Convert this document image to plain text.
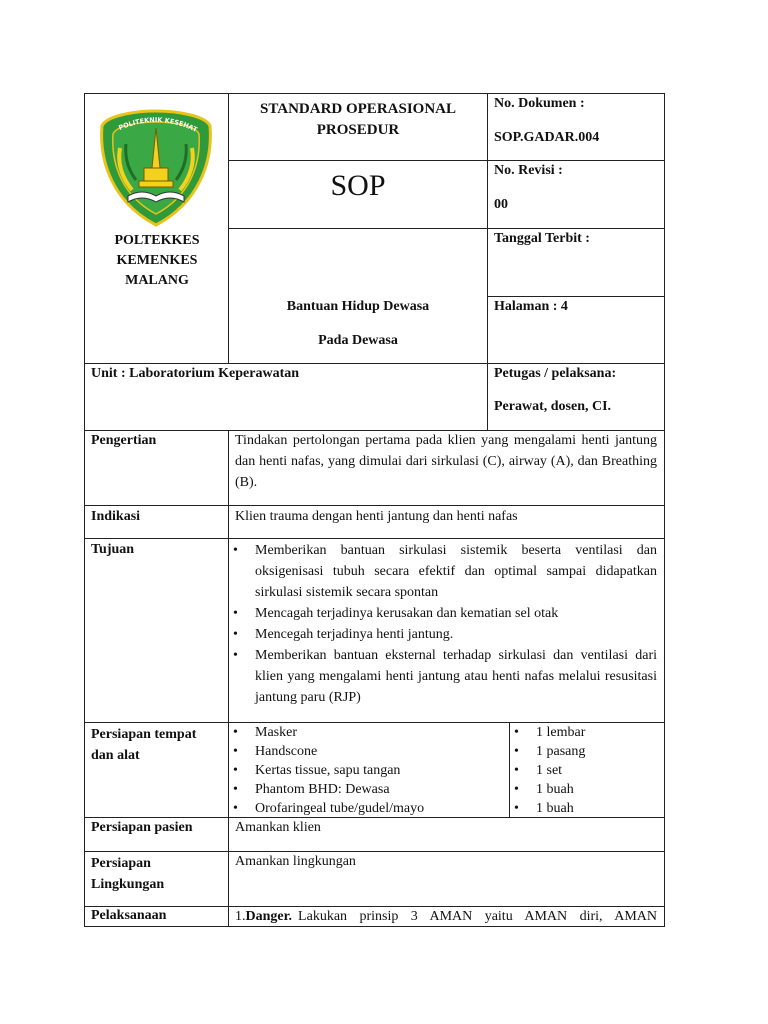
POLITEKNIK KESEHAT
POLTEKKES KEMENKES MALANG
STANDARD OPERASIONAL PROSEDUR
SOP
Bantuan Hidup Dewasa
Pada Dewasa
No. Dokumen :
SOP.GADAR.004
No. Revisi :
00
Tanggal Terbit :
Halaman : 4
Unit : Laboratorium Keperawatan	Petugas / pelaksana:
Perawat, dosen, CI.
Pengertian	Tindakan pertolongan pertama pada klien yang mengalami henti jantung dan henti nafas, yang dimulai dari sirkulasi (C), airway (A), dan Breathing (B).
Indikasi	Klien trauma dengan henti jantung dan henti nafas
Tujuan
•	Memberikan bantuan sirkulasi sistemik beserta ventilasi dan oksigenisasi tubuh secara efektif dan optimal sampai didapatkan sirkulasi sistemik secara spontan
• Mencagah terjadinya kerusakan dan kematian sel otak
• Mencegah terjadinya henti jantung.
• Memberikan bantuan eksternal terhadap sirkulasi dan ventilasi dari klien yang mengalami henti jantung atau henti nafas melalui resusitasi jantung paru (RJP)
Persiapan tempat
dan alat
• Masker
• Handscone
• Kertas tissue, sapu tangan
• Phantom BHD: Dewasa
• Orofaringeal tube/gudel/mayo
• 1 lembar
• 1 pasang
• 1 set
• 1 buah
• 1 buah
Persiapan pasien	Amankan klien
Persiapan
Lingkungan
Amankan lingkungan
Pelaksanaan	1. Danger. Lakukan prinsip 3 AMAN yaitu AMAN diri, AMAN
